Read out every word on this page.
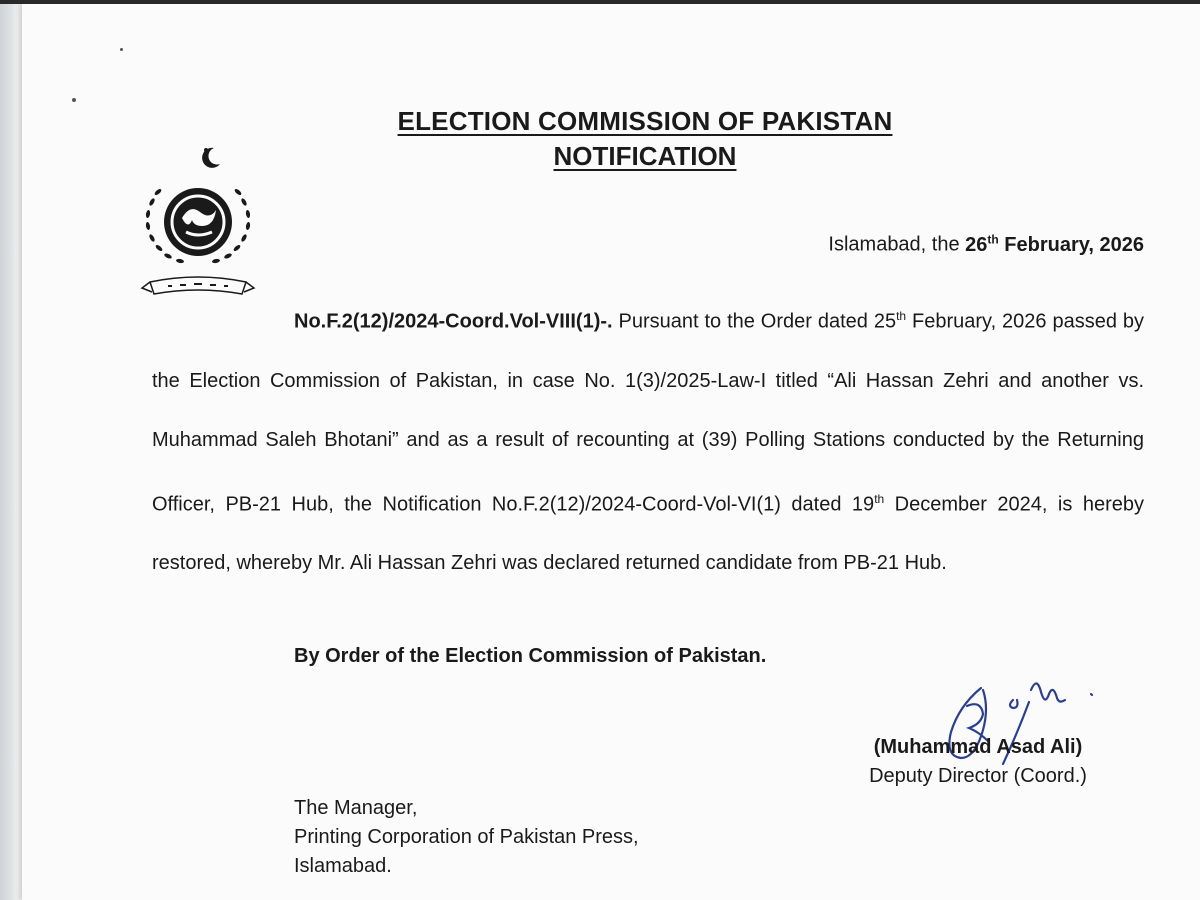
ELECTION COMMISSION OF PAKISTAN
NOTIFICATION
Islamabad, the 26th February, 2026

No.F.2(12)/2024-Coord.Vol-VIII(1)-. Pursuant to the Order dated 25th February, 2026 passed by the Election Commission of Pakistan, in case No. 1(3)/2025-Law-I titled “Ali Hassan Zehri and another vs. Muhammad Saleh Bhotani” and as a result of recounting at (39) Polling Stations conducted by the Returning Officer, PB-21 Hub, the Notification No.F.2(12)/2024-Coord-Vol-VI(1) dated 19th December 2024, is hereby restored, whereby Mr. Ali Hassan Zehri was declared returned candidate from PB-21 Hub.

By Order of the Election Commission of Pakistan.
(Muhammad Asad Ali)
Deputy Director (Coord.)
The Manager,
Printing Corporation of Pakistan Press,
Islamabad.
